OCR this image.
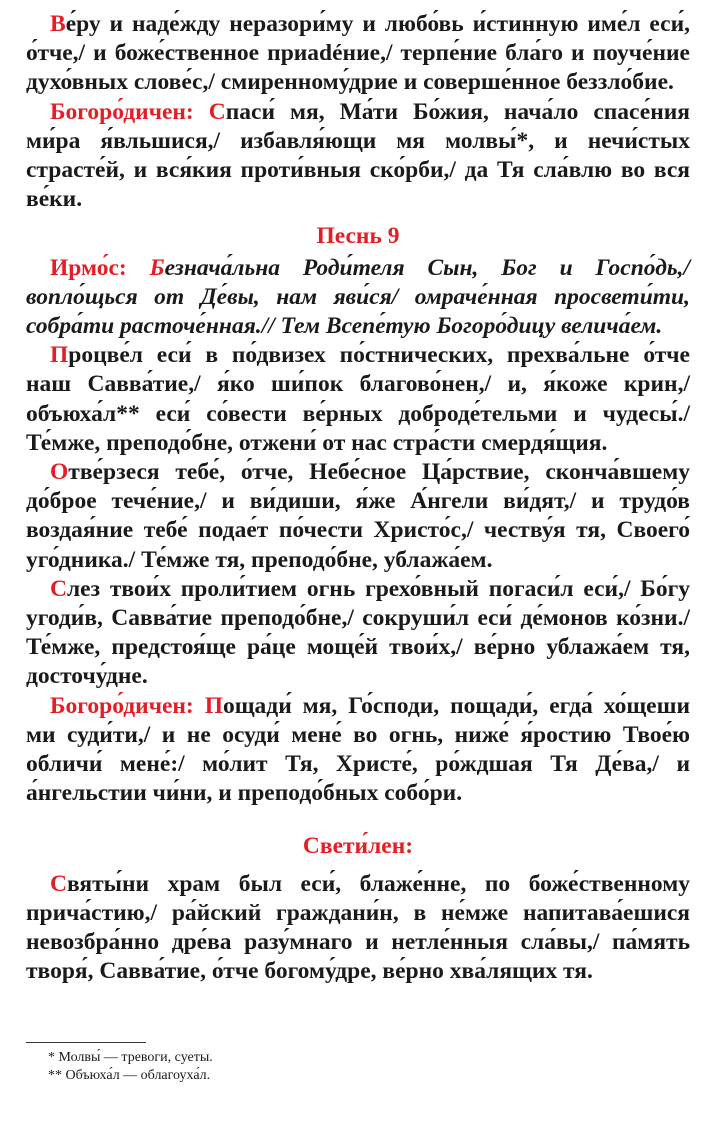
Ве́ру и наде́жду неразори́му и любо́вь и́стинную име́л еси́, о́тче,/ и боже́ственное приadéние,/ терпе́ние бла́го и поуче́ние духо́вных слове́с,/ смиренному́дрие и соверше́нное беззло́бие.

Богоро́дичен: Спаси́ мя, Ма́ти Бо́жия, нача́ло спасе́ния ми́ра я́вльшися,/ избавля́ющи мя молвы́*, и нечи́стых страсте́й, и вся́кия проти́вныя ско́рби,/ да Тя сла́влю во вся ве́ки.

Песнь 9

Ирмо́с: Безнача́льна Роди́теля Сын, Бог и Госпо́дь,/ вопло́щься от Де́вы, нам яви́ся/ омраче́нная просвети́ти, собра́ти расточе́нная.// Тем Всепе́тую Богоро́дицу велича́ем.

Процве́л еси́ в по́двизех по́стнических, прехва́льне о́тче наш Савва́тие,/ я́ко ши́пок благово́нен,/ и, я́коже крин,/ объюха́л** еси́ со́вести ве́рных доброде́тельми и чудесы́./ Те́мже, преподо́бне, отжени́ от нас стра́сти смердя́щия.

Отве́рзеся тебе́, о́тче, Небе́сное Ца́рствие, сконча́вшему до́брое тече́ние,/ и ви́диши, я́же А́нгели ви́дят,/ и трудо́в воздая́ние тебе́ подае́т по́чести Христо́с,/ честву́я тя, Своего́ уго́дника./ Те́мже тя, преподо́бне, ублажа́ем.

Слез твои́х проли́тием огнь грехо́вный погаси́л еси́,/ Бо́гу угоди́в, Савва́тие преподо́бне,/ сокруши́л еси́ де́монов ко́зни./ Те́мже, предстоя́ще ра́це моще́й твои́х,/ ве́рно ублажа́ем тя, досточу́дне.

Богоро́дичен: Пощади́ мя, Го́споди, пощади́, егда́ хо́щеши ми суди́ти,/ и не осуди́ мене́ во огнь, ниже́ я́ростию Твое́ю обличи́ мене́:/ мо́лит Тя, Христе́, ро́ждшая Тя Де́ва,/ и а́нгельстии чи́ни, и преподо́бных собо́ри.

Свети́лен:

Святы́ни храм был еси́, блаже́нне, по боже́ственному прича́стию,/ ра́йский граждани́н, в не́мже напитава́ешися невозбра́нно дре́ва разу́мнаго и нетле́нныя сла́вы,/ па́мять творя́, Савва́тие, о́тче богому́дре, ве́рно хва́лящих тя.

* Молвы́ — тревоги, суеты.

** Объюха́л — облагоуха́л.
